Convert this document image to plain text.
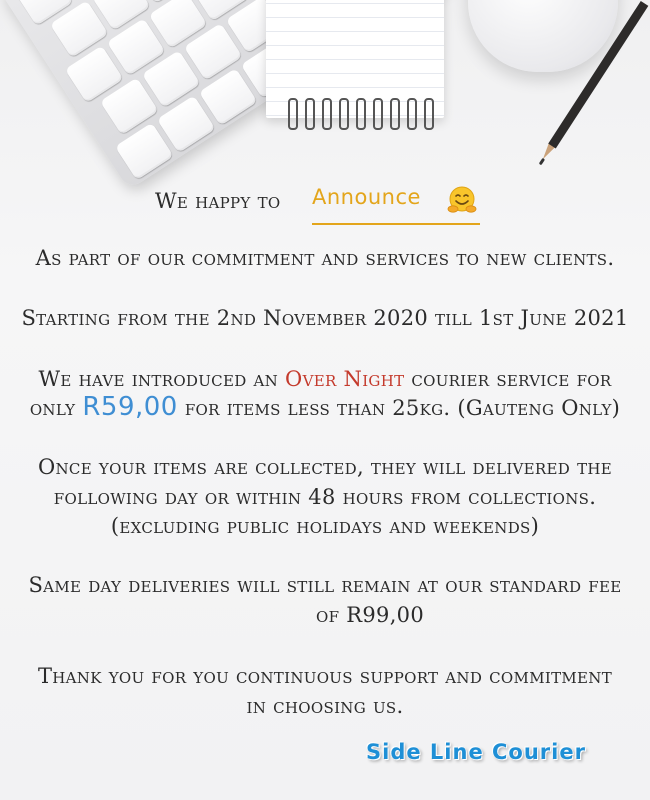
We happy to Announce
As part of our commitment and services to new clients.
Starting from the 2nd November 2020 till 1st June 2021
We have introduced an Over Night courier service for
only R59,00 for items less than 25kg. (Gauteng Only)
Once your items are collected, they will delivered the
following day or within 48 hours from collections.
(excluding public holidays and weekends)
Same day deliveries will still remain at our standard fee
of R99,00
Thank you for you continuous support and commitment
in choosing us.
Side Line Courier
